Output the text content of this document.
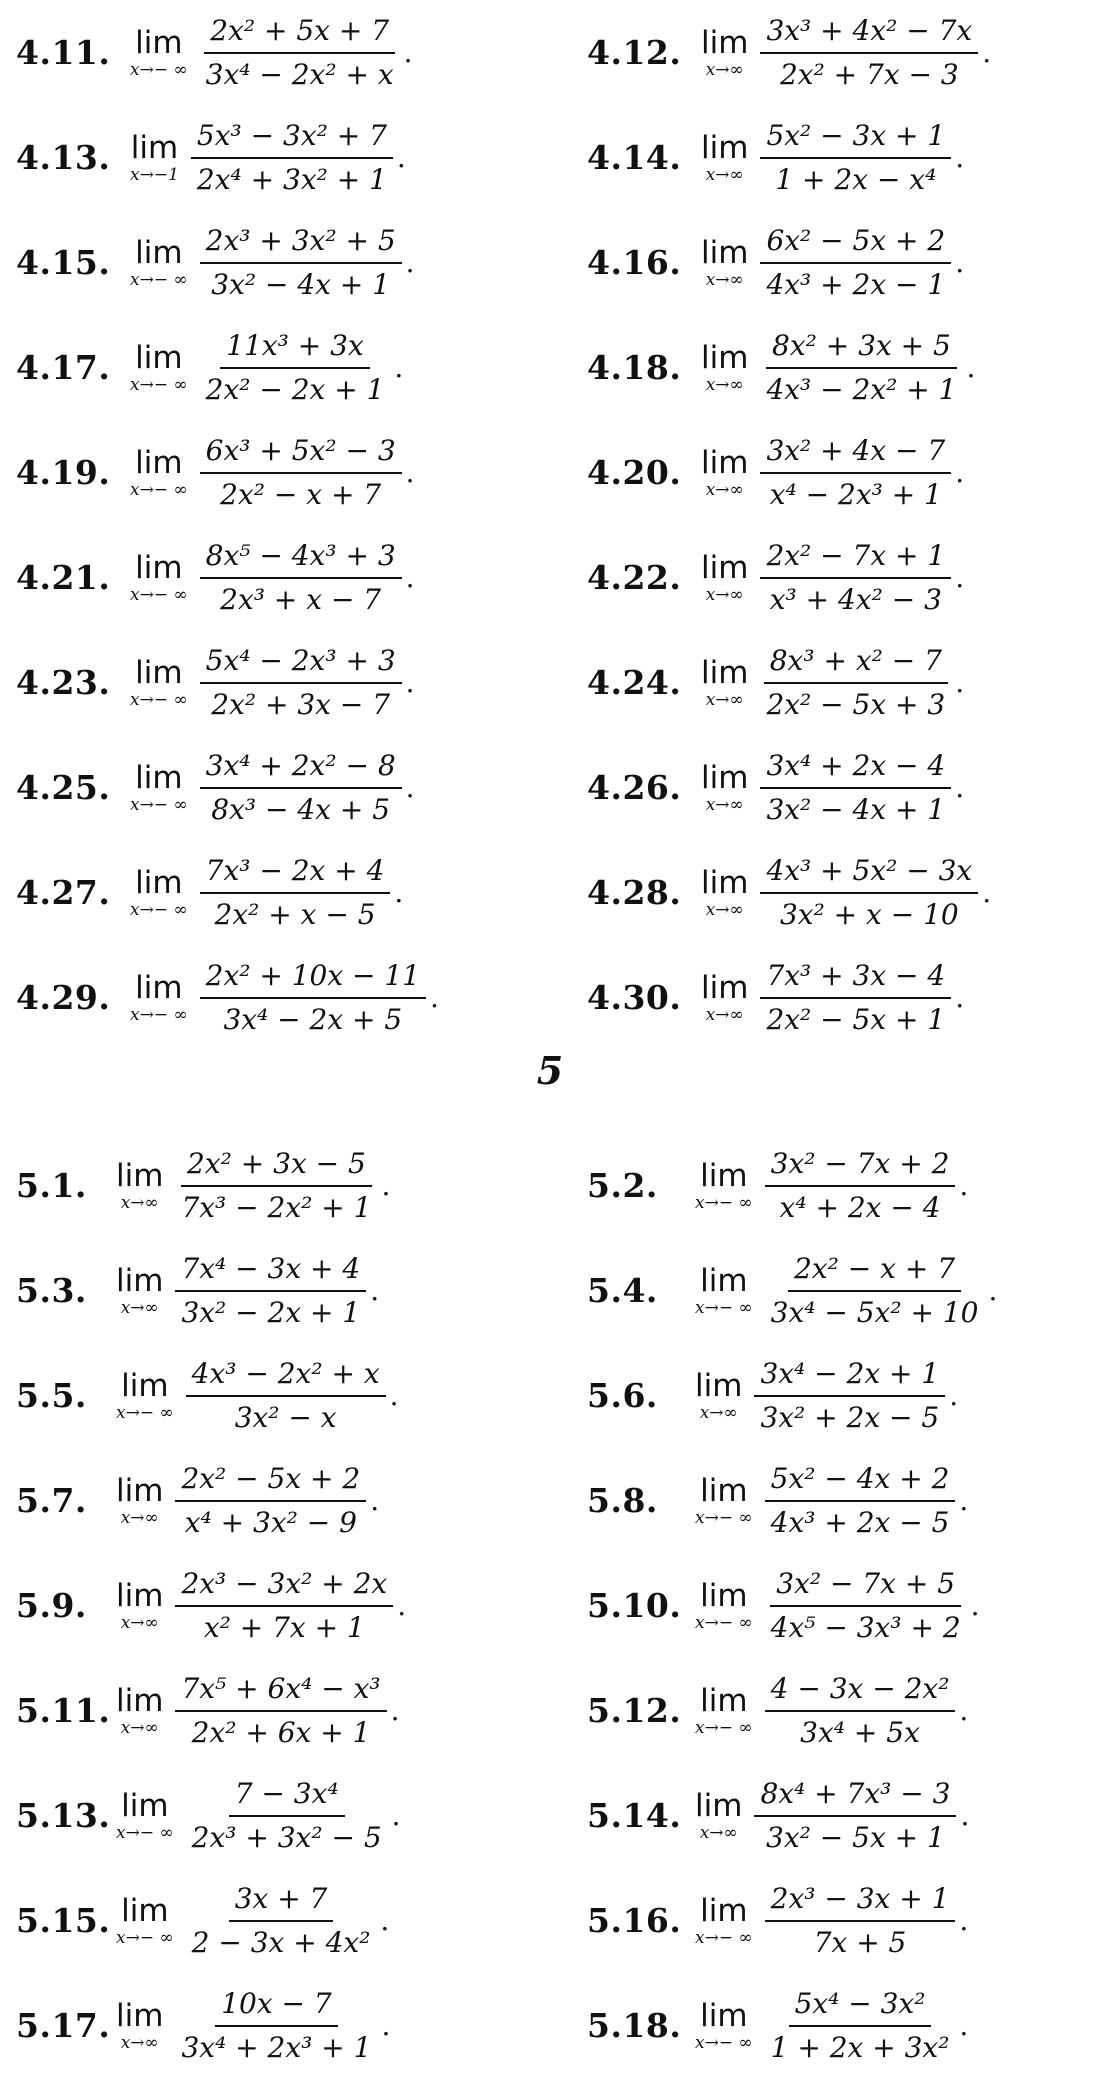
4.11. lim
x→− ∞ $\frac{\text{2x² + 5x + 7}}{\text{3x⁴ − 2x² + x}}$ .	4.12. lim
$x\to\infty \frac{\text{3x³ + 4x² − 7x}}{\text{2x² + 7x − 3}}$ .
4.13. lim
$x\to-1 \frac{\text{5x³ − 3x² + 7}}{\text{2x⁴ + 3x² + 1}}$ .	4.14. lim
$x\to\infty \frac{\text{5x² − 3x + 1}}{\text{1 + 2x − x⁴}}$ .
4.15. lim
x→− ∞ $\frac{\text{2x³ + 3x² + 5}}{\text{3x² − 4x + 1}}$ .	4.16. lim
$x\to\infty \frac{\text{6x² − 5x + 2}}{\text{4x³ + 2x − 1}}$ .
4.17. lim
x→− ∞ $\frac{\text{11x³ + 3x}}{\text{2x² − 2x + 1}}$ .	4.18. lim
$x\to\infty \frac{\text{8x² + 3x + 5}}{\text{4x³ − 2x² + 1}}$ .
4.19. lim
x→− ∞ $\frac{\text{6x³ + 5x² − 3}}{\text{2x² − x + 7}}$ .	4.20. lim
$x\to\infty \frac{\text{3x² + 4x − 7}}{\text{x⁴ − 2x³ + 1}}$ .
4.21. lim
x→− ∞ $\frac{\text{8x⁵ − 4x³ + 3}}{\text{2x³ + x − 7}}$ .	4.22. lim
$x\to\infty \frac{\text{2x² − 7x + 1}}{\text{x³ + 4x² − 3}}$ .
4.23. lim
x→− ∞ $\frac{\text{5x⁴ − 2x³ + 3}}{\text{2x² + 3x − 7}}$ .	4.24. lim
$x\to\infty \frac{\text{8x³ + x² − 7}}{\text{2x² − 5x + 3}}$ .
4.25. lim
x→− ∞ $\frac{\text{3x⁴ + 2x² − 8}}{\text{8x³ − 4x + 5}}$ .	4.26. lim
$x\to\infty \frac{\text{3x⁴ + 2x − 4}}{\text{3x² − 4x + 1}}$ .
4.27. lim
x→− ∞ $\frac{\text{7x³ − 2x + 4}}{\text{2x² + x − 5}}$ .	4.28. lim
$x\to\infty \frac{\text{4x³ + 5x² − 3x}}{\text{3x² + x − 10}}$ .
4.29. lim
x→− ∞ $\frac{\text{2x² + 10x − 11}}{\text{3x⁴ − 2x + 5}}$ .	4.30. lim
$x\to\infty \frac{\text{7x³ + 3x − 4}}{\text{2x² − 5x + 1}}$ .
5
5.1. lim
$x\to\infty \frac{\text{2x² + 3x − 5}}{\text{7x³ − 2x² + 1}}$ .	5.2.	lim
x→− ∞ $\frac{\text{3x² − 7x + 2}}{\text{x⁴ + 2x − 4}}$ .
5.3. lim
$x\to\infty \frac{\text{7x⁴ − 3x + 4}}{\text{3x² − 2x + 1}}$ .	5.4.	lim
x→− ∞ $\frac{\text{2x² − x + 7}}{\text{3x⁴ − 5x² + 10}}$ .
5.5.	lim
x→− ∞ $\frac{\text{4x³ − 2x² + x}}{\text{3x² − x}}$ .	5.6.	lim
$x\to\infty \frac{\text{3x⁴ − 2x + 1}}{\text{3x² + 2x − 5}}$ .
5.7. lim
$x\to\infty \frac{\text{2x² − 5x + 2}}{\text{x⁴ + 3x² − 9}}$ .	5.8.	lim
x→− ∞ $\frac{\text{5x² − 4x + 2}}{\text{4x³ + 2x − 5}}$ .
5.9. lim
$x\to\infty \frac{\text{2x³ − 3x² + 2x}}{\text{x² + 7x + 1}}$ .	5.10. lim
x→− ∞ $\frac{\text{3x² − 7x + 5}}{\text{4x⁵ − 3x³ + 2}}$ .
5.11. lim
$x\to\infty \frac{\text{7x⁵ + 6x⁴ − x³}}{\text{2x² + 6x + 1}}$ .	5.12. lim
x→− ∞ $\frac{\text{4 − 3x − 2x²}}{\text{3x⁴ + 5x}}$ .
5.13. lim
x→− ∞ $\frac{\text{7 − 3x⁴}}{\text{2x³ + 3x² − 5}}$ .	5.14. lim
$x\to\infty \frac{\text{8x⁴ + 7x³ − 3}}{\text{3x² − 5x + 1}}$ .
5.15. lim
x→− ∞ $\frac{3x + 7}{\text{2 − 3x + 4x²}}$ .	5.16. lim
x→− ∞ $\frac{\text{2x³ − 3x + 1}}{7x + 5}$ .
5.17. lim
$x\to\infty \frac{10x - 7}{\text{3x⁴ + 2x³ + 1}}$ .	5.18. lim
x→− ∞ $\frac{\text{5x⁴ − 3x²}}{\text{1 + 2x + 3x²}}$ .
